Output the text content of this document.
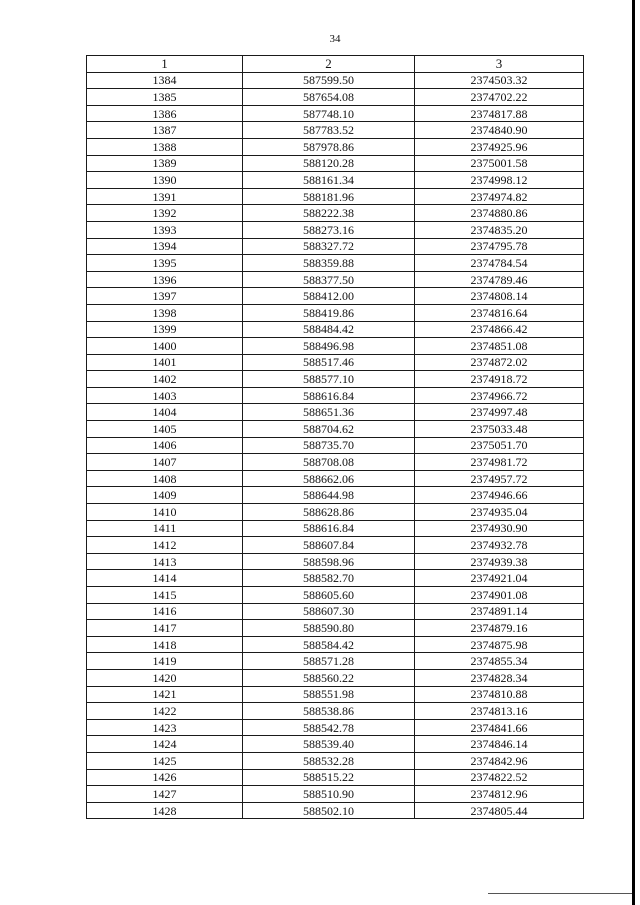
34
1	2	3
1384	587599.50	2374503.32
1385	587654.08	2374702.22
1386	587748.10	2374817.88
1387	587783.52	2374840.90
1388	587978.86	2374925.96
1389	588120.28	2375001.58
1390	588161.34	2374998.12
1391	588181.96	2374974.82
1392	588222.38	2374880.86
1393	588273.16	2374835.20
1394	588327.72	2374795.78
1395	588359.88	2374784.54
1396	588377.50	2374789.46
1397	588412.00	2374808.14
1398	588419.86	2374816.64
1399	588484.42	2374866.42
1400	588496.98	2374851.08
1401	588517.46	2374872.02
1402	588577.10	2374918.72
1403	588616.84	2374966.72
1404	588651.36	2374997.48
1405	588704.62	2375033.48
1406	588735.70	2375051.70
1407	588708.08	2374981.72
1408	588662.06	2374957.72
1409	588644.98	2374946.66
1410	588628.86	2374935.04
1411	588616.84	2374930.90
1412	588607.84	2374932.78
1413	588598.96	2374939.38
1414	588582.70	2374921.04
1415	588605.60	2374901.08
1416	588607.30	2374891.14
1417	588590.80	2374879.16
1418	588584.42	2374875.98
1419	588571.28	2374855.34
1420	588560.22	2374828.34
1421	588551.98	2374810.88
1422	588538.86	2374813.16
1423	588542.78	2374841.66
1424	588539.40	2374846.14
1425	588532.28	2374842.96
1426	588515.22	2374822.52
1427	588510.90	2374812.96
1428	588502.10	2374805.44
